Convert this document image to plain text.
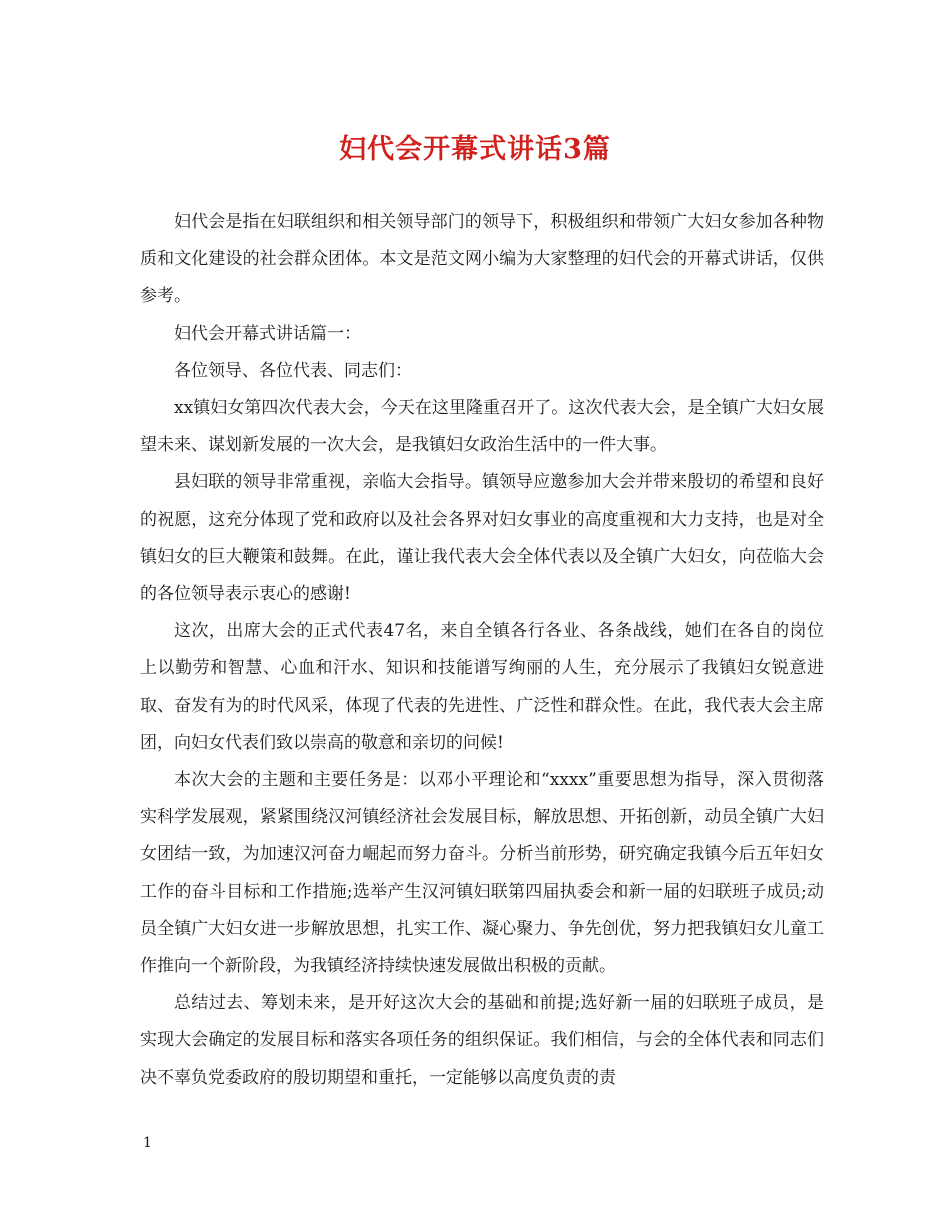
妇代会开幕式讲话3篇

妇代会是指在妇联组织和相关领导部门的领导下，积极组织和带领广大妇女参加各种物质和文化建设的社会群众团体。本文是范文网小编为大家整理的妇代会的开幕式讲话，仅供参考。

妇代会开幕式讲话篇一：

各位领导、各位代表、同志们：

xx镇妇女第四次代表大会，今天在这里隆重召开了。这次代表大会，是全镇广大妇女展望未来、谋划新发展的一次大会，是我镇妇女政治生活中的一件大事。

县妇联的领导非常重视，亲临大会指导。镇领导应邀参加大会并带来殷切的希望和良好的祝愿，这充分体现了党和政府以及社会各界对妇女事业的高度重视和大力支持，也是对全镇妇女的巨大鞭策和鼓舞。在此，谨让我代表大会全体代表以及全镇广大妇女，向莅临大会的各位领导表示衷心的感谢!

这次，出席大会的正式代表47名，来自全镇各行各业、各条战线，她们在各自的岗位上以勤劳和智慧、心血和汗水、知识和技能谱写绚丽的人生，充分展示了我镇妇女锐意进取、奋发有为的时代风采，体现了代表的先进性、广泛性和群众性。在此，我代表大会主席团，向妇女代表们致以崇高的敬意和亲切的问候!

本次大会的主题和主要任务是：以邓小平理论和“xxxx”重要思想为指导，深入贯彻落实科学发展观，紧紧围绕汉河镇经济社会发展目标，解放思想、开拓创新，动员全镇广大妇女团结一致，为加速汉河奋力崛起而努力奋斗。分析当前形势，研究确定我镇今后五年妇女工作的奋斗目标和工作措施;选举产生汉河镇妇联第四届执委会和新一届的妇联班子成员;动员全镇广大妇女进一步解放思想，扎实工作、凝心聚力、争先创优，努力把我镇妇女儿童工作推向一个新阶段，为我镇经济持续快速发展做出积极的贡献。

总结过去、筹划未来，是开好这次大会的基础和前提;选好新一届的妇联班子成员，是实现大会确定的发展目标和落实各项任务的组织保证。我们相信，与会的全体代表和同志们决不辜负党委政府的殷切期望和重托，一定能够以高度负责的责

1
